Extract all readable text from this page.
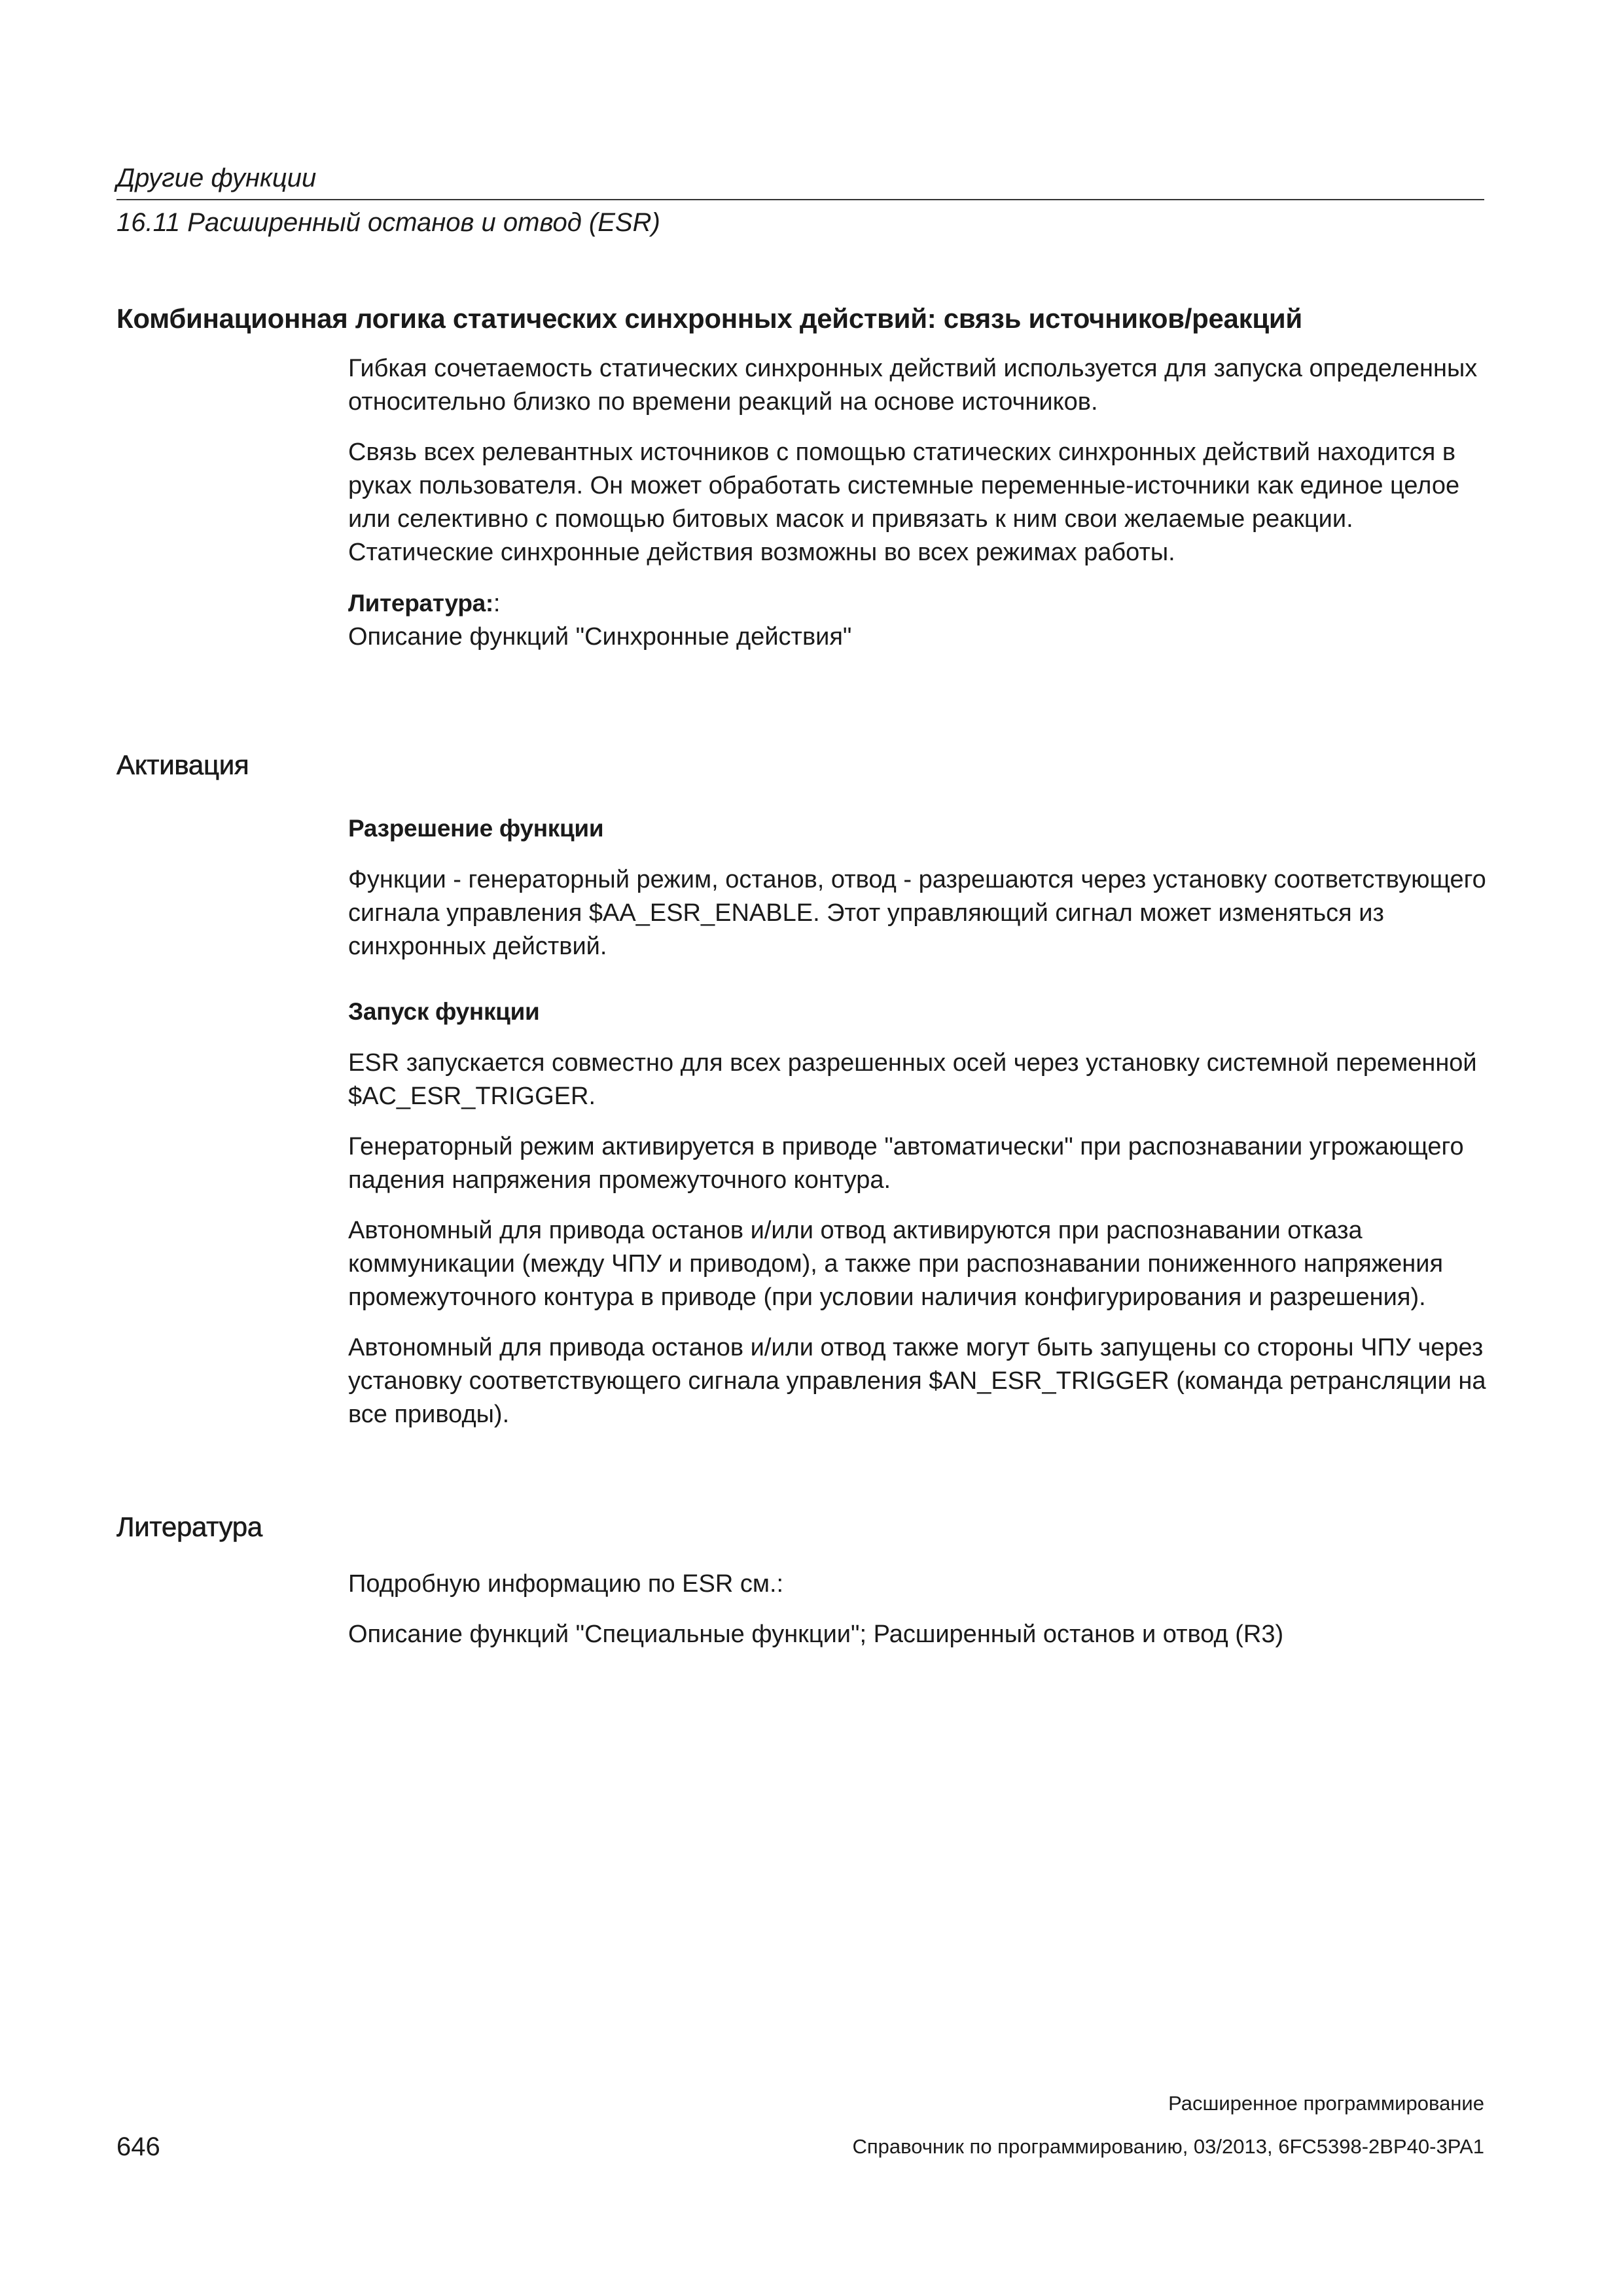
Другие функции
16.11 Расширенный останов и отвод (ESR)
Комбинационная логика статических синхронных действий: связь источников/реакций

Гибкая сочетаемость статических синхронных действий используется для запуска определенных относительно близко по времени реакций на основе источников.

Связь всех релевантных источников с помощью статических синхронных действий находится в руках пользователя. Он может обработать системные переменные-источники как единое целое или селективно с помощью битовых масок и привязать к ним свои желаемые реакции. Статические синхронные действия возможны во всех режимах работы.

Литература::

Описание функций "Синхронные действия"

Активация

Разрешение функции

Функции - генераторный режим, останов, отвод - разрешаются через установку соответствующего сигнала управления $AA_ESR_ENABLE. Этот управляющий сигнал может изменяться из синхронных действий.

Запуск функции

ESR запускается совместно для всех разрешенных осей через установку системной переменной $AC_ESR_TRIGGER.

Генераторный режим активируется в приводе "автоматически" при распознавании угрожающего падения напряжения промежуточного контура.

Автономный для привода останов и/или отвод активируются при распознавании отказа коммуникации (между ЧПУ и приводом), а также при распознавании пониженного напряжения промежуточного контура в приводе (при условии наличия конфигурирования и разрешения).

Автономный для привода останов и/или отвод также могут быть запущены со стороны ЧПУ через установку соответствующего сигнала управления $AN_ESR_TRIGGER (команда ретрансляции на все приводы).

Литература

Подробную информацию по ESR см.:

Описание функций "Специальные функции"; Расширенный останов и отвод (R3)

Расширенное программирование
646	Справочник по программированию, 03/2013, 6FC5398-2BP40-3PA1
